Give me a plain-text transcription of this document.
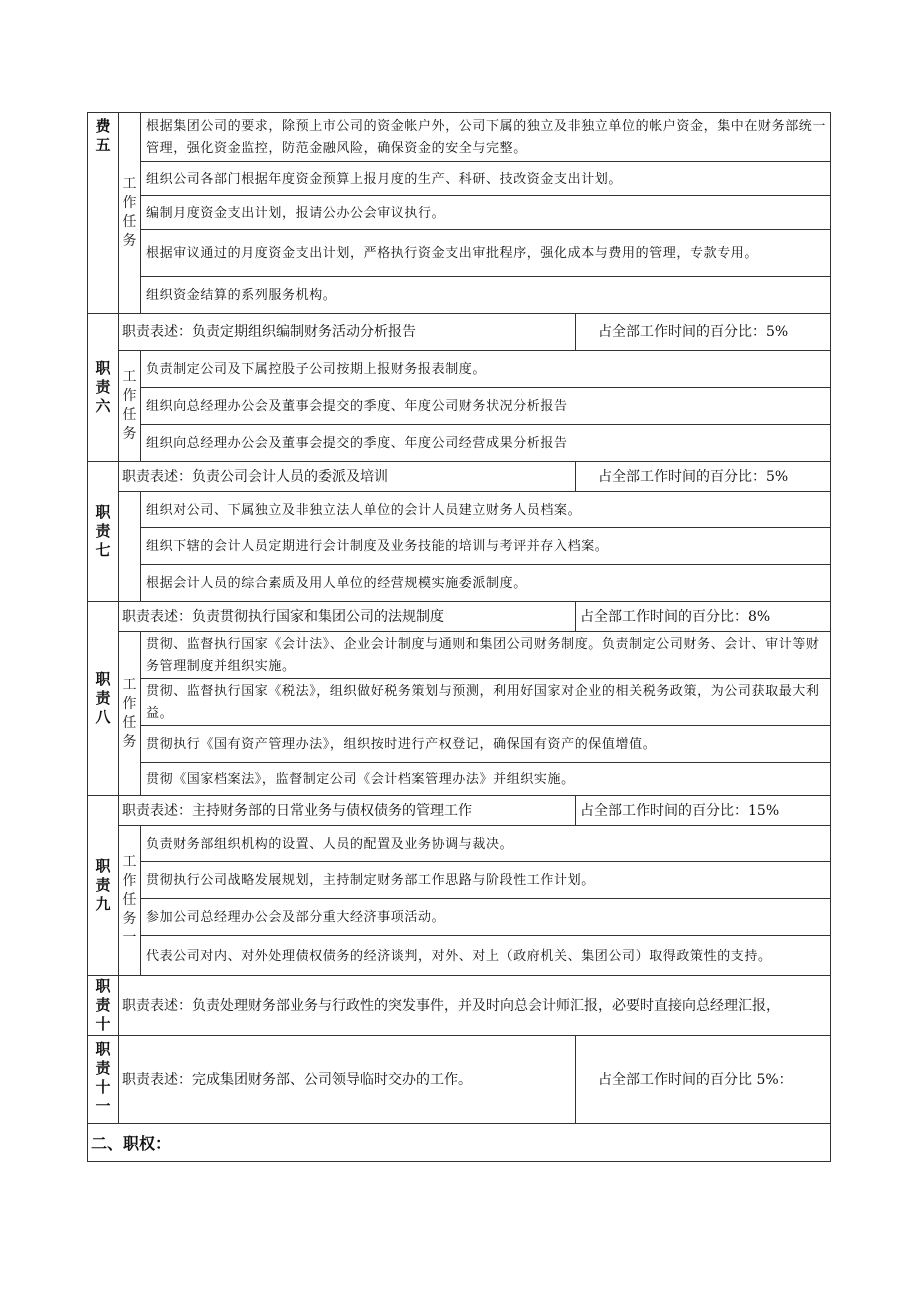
费五	工作任务	根据集团公司的要求，除预上市公司的资金帐户外，公司下属的独立及非独立单位的帐户资金，集中在财务部统一管理，强化资金监控，防范金融风险，确保资金的安全与完整。	
		组织公司各部门根据年度资金预算上报月度的生产、科研、技改资金支出计划。	
		编制月度资金支出计划，报请公办公会审议执行。	
		根据审议通过的月度资金支出计划，严格执行资金支出审批程序，强化成本与费用的管理，专款专用。	
		组织资金结算的系列服务机构。	
职责六	职责表述：负责定期组织编制财务活动分析报告		占全部工作时间的百分比：5%
	工作任务	负责制定公司及下属控股子公司按期上报财务报表制度。	
		组织向总经理办公会及董事会提交的季度、年度公司财务状况分析报告	
		组织向总经理办公会及董事会提交的季度、年度公司经营成果分析报告	
职责七	职责表述：负责公司会计人员的委派及培训		占全部工作时间的百分比：5%
		组织对公司、下属独立及非独立法人单位的会计人员建立财务人员档案。	
		组织下辖的会计人员定期进行会计制度及业务技能的培训与考评并存入档案。	
		根据会计人员的综合素质及用人单位的经营规模实施委派制度。	
职责八	职责表述：负责贯彻执行国家和集团公司的法规制度		占全部工作时间的百分比：8%
	工作任务	贯彻、监督执行国家《会计法》、企业会计制度与通则和集团公司财务制度。负责制定公司财务、会计、审计等财务管理制度并组织实施。	
		贯彻、监督执行国家《税法》，组织做好税务策划与预测，利用好国家对企业的相关税务政策，为公司获取最大利益。	
		贯彻执行《国有资产管理办法》，组织按时进行产权登记，确保国有资产的保值增值。	
		贯彻《国家档案法》，监督制定公司《会计档案管理办法》并组织实施。	
职责九	职责表述：主持财务部的日常业务与债权债务的管理工作		占全部工作时间的百分比：15%
	工作任务一	负责财务部组织机构的设置、人员的配置及业务协调与裁决。	
		贯彻执行公司战略发展规划，主持制定财务部工作思路与阶段性工作计划。	
		参加公司总经理办公会及部分重大经济事项活动。	
		代表公司对内、对外处理债权债务的经济谈判，对外、对上（政府机关、集团公司）取得政策性的支持。	
职责十	职责表述：负责处理财务部业务与行政性的突发事件，并及时向总会计师汇报，必要时直接向总经理汇报，		
职责十一	职责表述：完成集团财务部、公司领导临时交办的工作。		占全部工作时间的百分比 5%：
二、职权：			
